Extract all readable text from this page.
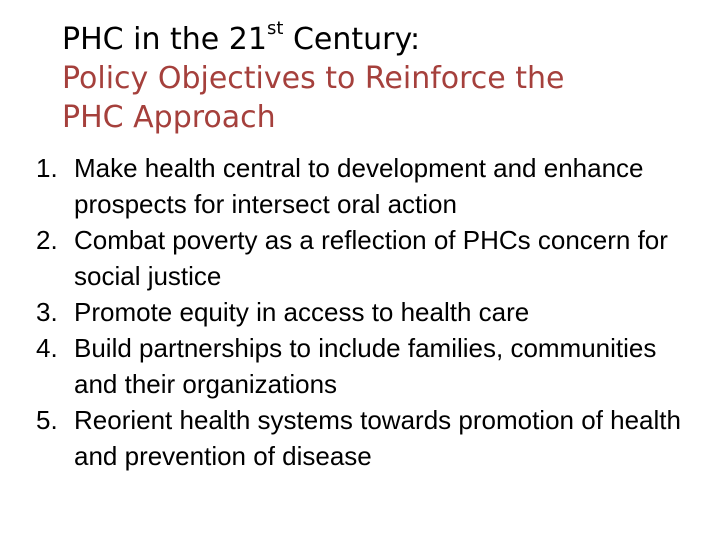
PHC in the 21st Century:
Policy Objectives to Reinforce the
PHC Approach
1. Make health central to development and enhance prospects for intersect oral action
2. Combat poverty as a reflection of PHCs concern for social justice
3. Promote equity in access to health care
4. Build partnerships to include families, communities and their organizations
5. Reorient health systems towards promotion of health and prevention of disease
